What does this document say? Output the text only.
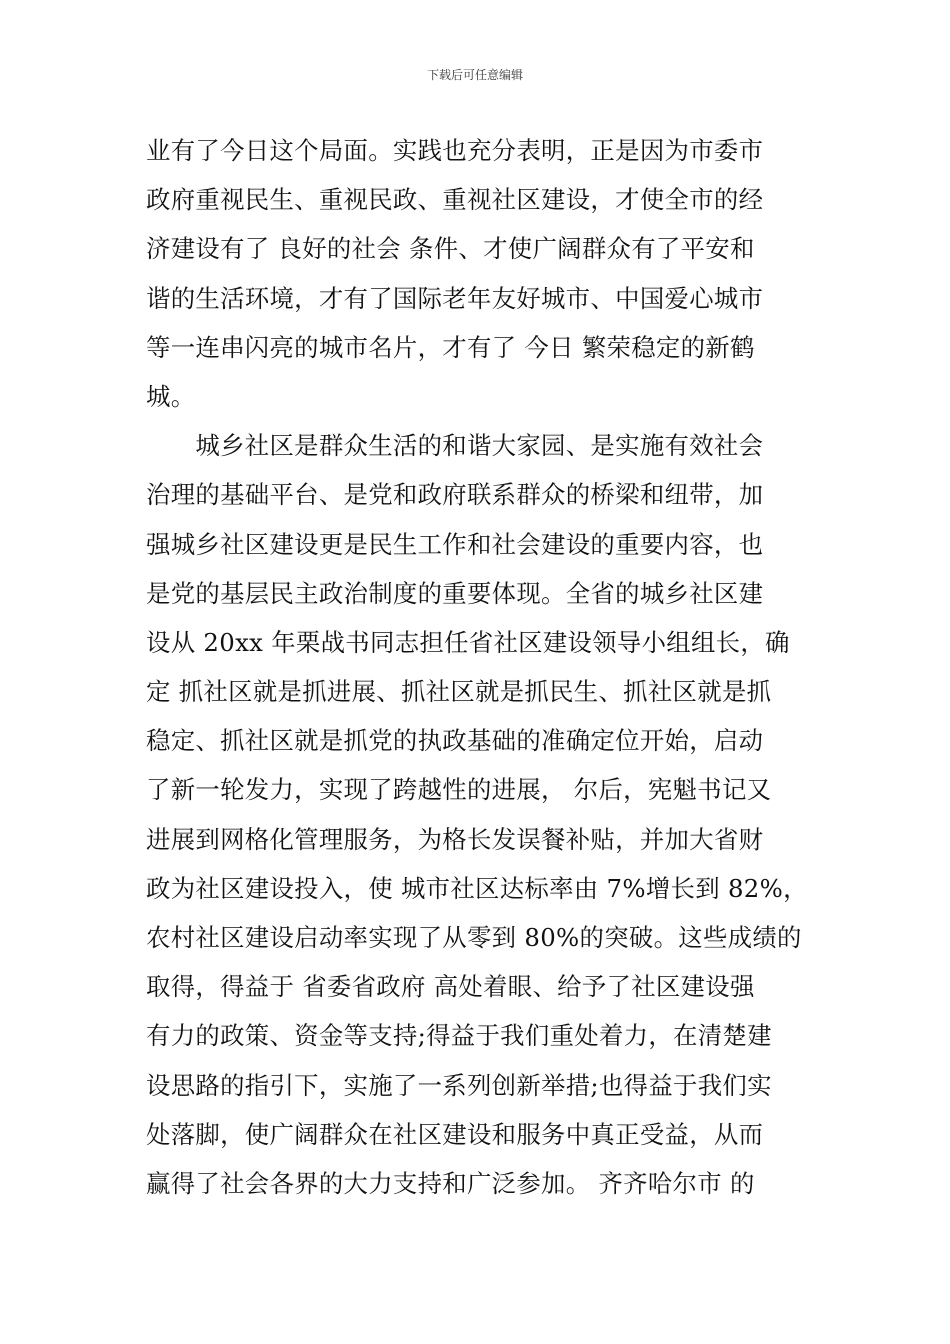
下载后可任意编辑
业有了今日这个局面。实践也充分表明，正是因为市委市
政府重视民生、重视民政、重视社区建设，才使全市的经
济建设有了 良好的社会 条件、才使广阔群众有了平安和
谐的生活环境，才有了国际老年友好城市、中国爱心城市
等一连串闪亮的城市名片，才有了 今日 繁荣稳定的新鹤
城。
　　城乡社区是群众生活的和谐大家园、是实施有效社会
治理的基础平台、是党和政府联系群众的桥梁和纽带，加
强城乡社区建设更是民生工作和社会建设的重要内容，也
是党的基层民主政治制度的重要体现。全省的城乡社区建
设从 20xx 年栗战书同志担任省社区建设领导小组组长，确
定 抓社区就是抓进展、抓社区就是抓民生、抓社区就是抓
稳定、抓社区就是抓党的执政基础的准确定位开始，启动
了新一轮发力，实现了跨越性的进展， 尔后，宪魁书记又
进展到网格化管理服务，为格长发误餐补贴，并加大省财
政为社区建设投入，使 城市社区达标率由 7%增长到 82%，
农村社区建设启动率实现了从零到 80%的突破。这些成绩的
取得，得益于 省委省政府 高处着眼、给予了社区建设强
有力的政策、资金等支持;得益于我们重处着力，在清楚建
设思路的指引下，实施了一系列创新举措;也得益于我们实
处落脚，使广阔群众在社区建设和服务中真正受益，从而
赢得了社会各界的大力支持和广泛参加。 齐齐哈尔市 的
